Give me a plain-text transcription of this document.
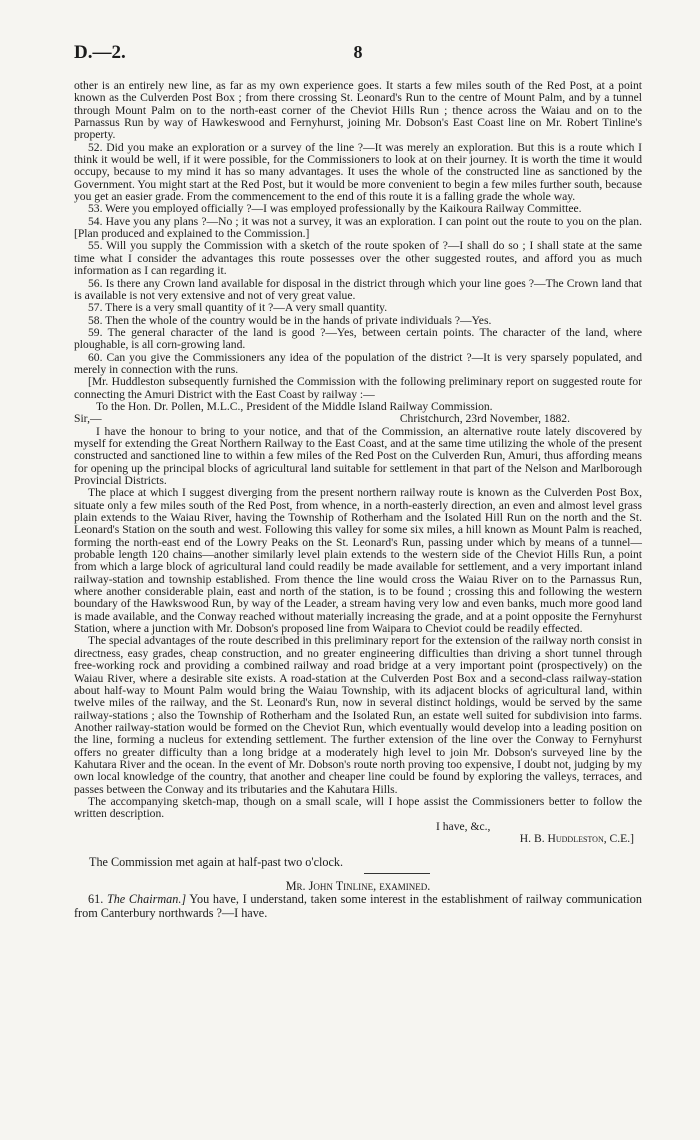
D.—2.	8

other is an entirely new line, as far as my own experience goes. It starts a few miles south of the Red Post, at a point known as the Culverden Post Box ; from there crossing St. Leonard's Run to the centre of Mount Palm, and by a tunnel through Mount Palm on to the north-east corner of the Cheviot Hills Run ; thence across the Waiau and on to the Parnassus Run by way of Hawkeswood and Fernyhurst, joining Mr. Dobson's East Coast line on Mr. Robert Tinline's property.

52. Did you make an exploration or a survey of the line ?—It was merely an exploration. But this is a route which I think it would be well, if it were possible, for the Commissioners to look at on their journey. It is worth the time it would occupy, because to my mind it has so many advantages. It uses the whole of the constructed line as sanctioned by the Government. You might start at the Red Post, but it would be more convenient to begin a few miles further south, because you get an easier grade. From the commencement to the end of this route it is a falling grade the whole way.

53. Were you employed officially ?—I was employed professionally by the Kaikoura Railway Committee.

54. Have you any plans ?—No ; it was not a survey, it was an exploration. I can point out the route to you on the plan. [Plan produced and explained to the Commission.]

55. Will you supply the Commission with a sketch of the route spoken of ?—I shall do so ; I shall state at the same time what I consider the advantages this route possesses over the other suggested routes, and afford you as much information as I can regarding it.

56. Is there any Crown land available for disposal in the district through which your line goes ?—The Crown land that is available is not very extensive and not of very great value.

57. There is a very small quantity of it ?—A very small quantity.

58. Then the whole of the country would be in the hands of private individuals ?—Yes.

59. The general character of the land is good ?—Yes, between certain points. The character of the land, where ploughable, is all corn-growing land.

60. Can you give the Commissioners any idea of the population of the district ?—It is very sparsely populated, and merely in connection with the runs.

[Mr. Huddleston subsequently furnished the Commission with the following preliminary report on suggested route for connecting the Amuri District with the East Coast by railway :—

To the Hon. Dr. Pollen, M.L.C., President of the Middle Island Railway Commission.

Sir,—	Christchurch, 23rd November, 1882.

I have the honour to bring to your notice, and that of the Commission, an alternative route lately discovered by myself for extending the Great Northern Railway to the East Coast, and at the same time utilizing the whole of the present constructed and sanctioned line to within a few miles of the Red Post on the Culverden Run, Amuri, thus affording means for opening up the principal blocks of agricultural land suitable for settlement in that part of the Nelson and Marlborough Provincial Districts.

The place at which I suggest diverging from the present northern railway route is known as the Culverden Post Box, situate only a few miles south of the Red Post, from whence, in a north-easterly direction, an even and almost level grass plain extends to the Waiau River, having the Township of Rotherham and the Isolated Hill Run on the north and the St. Leonard's Station on the south and west. Following this valley for some six miles, a hill known as Mount Palm is reached, forming the north-east end of the Lowry Peaks on the St. Leonard's Run, passing under which by means of a tunnel—probable length 120 chains—another similarly level plain extends to the western side of the Cheviot Hills Run, a point from which a large block of agricultural land could readily be made available for settlement, and a very important inland railway-station and township established. From thence the line would cross the Waiau River on to the Parnassus Run, where another considerable plain, east and north of the station, is to be found ; crossing this and following the western boundary of the Hawkswood Run, by way of the Leader, a stream having very low and even banks, much more good land is made available, and the Conway reached without materially increasing the grade, and at a point opposite the Fernyhurst Station, where a junction with Mr. Dobson's proposed line from Waipara to Cheviot could be readily effected.

The special advantages of the route described in this preliminary report for the extension of the railway north consist in directness, easy grades, cheap construction, and no greater engineering difficulties than driving a short tunnel through free-working rock and providing a combined railway and road bridge at a very important point (prospectively) on the Waiau River, where a desirable site exists. A road-station at the Culverden Post Box and a second-class railway-station about half-way to Mount Palm would bring the Waiau Township, with its adjacent blocks of agricultural land, within twelve miles of the railway, and the St. Leonard's Run, now in several distinct holdings, would be served by the same railway-stations ; also the Township of Rotherham and the Isolated Run, an estate well suited for subdivision into farms. Another railway-station would be formed on the Cheviot Run, which eventually would develop into a leading position on the line, forming a nucleus for extending settlement. The further extension of the line over the Conway to Fernyhurst offers no greater difficulty than a long bridge at a moderately high level to join Mr. Dobson's surveyed line by the Kahutara River and the ocean. In the event of Mr. Dobson's route north proving too expensive, I doubt not, judging by my own local knowledge of the country, that another and cheaper line could be found by exploring the valleys, terraces, and passes between the Conway and its tributaries and the Kahutara Hills.

The accompanying sketch-map, though on a small scale, will I hope assist the Commissioners better to follow the written description.

I have, &c.,

H. B. Huddleston, C.E.]

The Commission met again at half-past two o'clock.

Mr. John Tinline, examined.

61. The Chairman.] You have, I understand, taken some interest in the establishment of railway communication from Canterbury northwards ?—I have.
